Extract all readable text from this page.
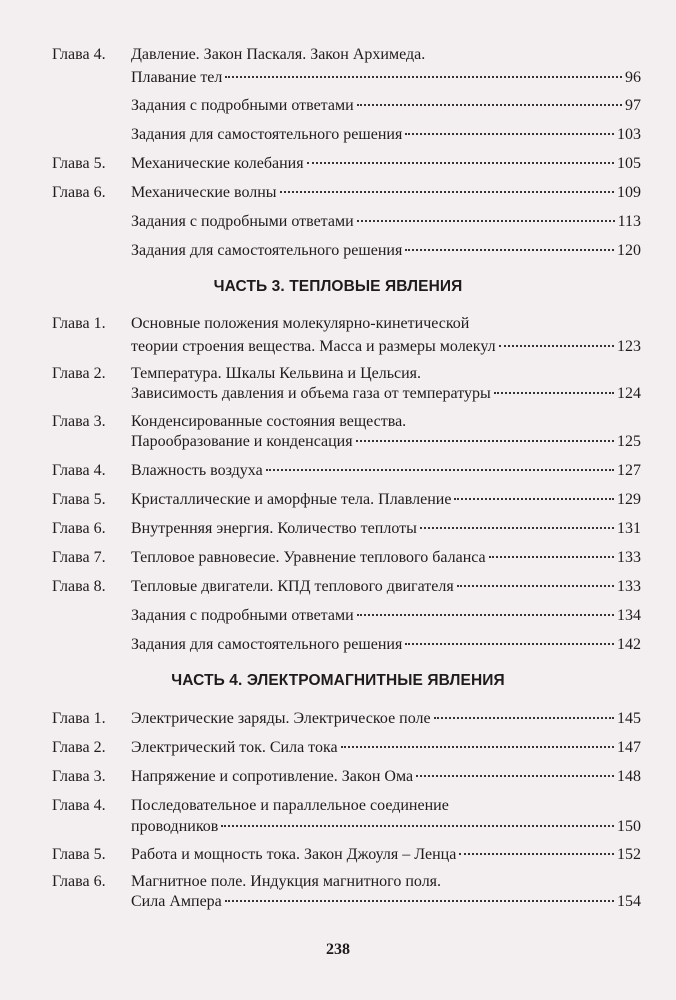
Глава 4. Давление. Закон Паскаля. Закон Архимеда.
Плавание тел	96
Задания с подробными ответами	97
Задания для самостоятельного решения	103
Глава 5. Механические колебания	105
Глава 6. Механические волны	109
Задания с подробными ответами	113
Задания для самостоятельного решения	120
ЧАСТЬ 3. ТЕПЛОВЫЕ ЯВЛЕНИЯ
Глава 1. Основные положения молекулярно-кинетической
теории строения вещества. Масса и размеры молекул	123
Глава 2. Температура. Шкалы Кельвина и Цельсия.
Зависимость давления и объема газа от температуры	124
Глава 3. Конденсированные состояния вещества.
Парообразование и конденсация	125
Глава 4. Влажность воздуха	127
Глава 5. Кристаллические и аморфные тела. Плавление	129
Глава 6. Внутренняя энергия. Количество теплоты	131
Глава 7. Тепловое равновесие. Уравнение теплового баланса	133
Глава 8. Тепловые двигатели. КПД теплового двигателя	133
Задания с подробными ответами	134
Задания для самостоятельного решения	142
ЧАСТЬ 4. ЭЛЕКТРОМАГНИТНЫЕ ЯВЛЕНИЯ
Глава 1. Электрические заряды. Электрическое поле	145
Глава 2. Электрический ток. Сила тока	147
Глава 3. Напряжение и сопротивление. Закон Ома	148
Глава 4. Последовательное и параллельное соединение
проводников	150
Глава 5. Работа и мощность тока. Закон Джоуля – Ленца	152
Глава 6. Магнитное поле. Индукция магнитного поля.
Сила Ампера	154
238
